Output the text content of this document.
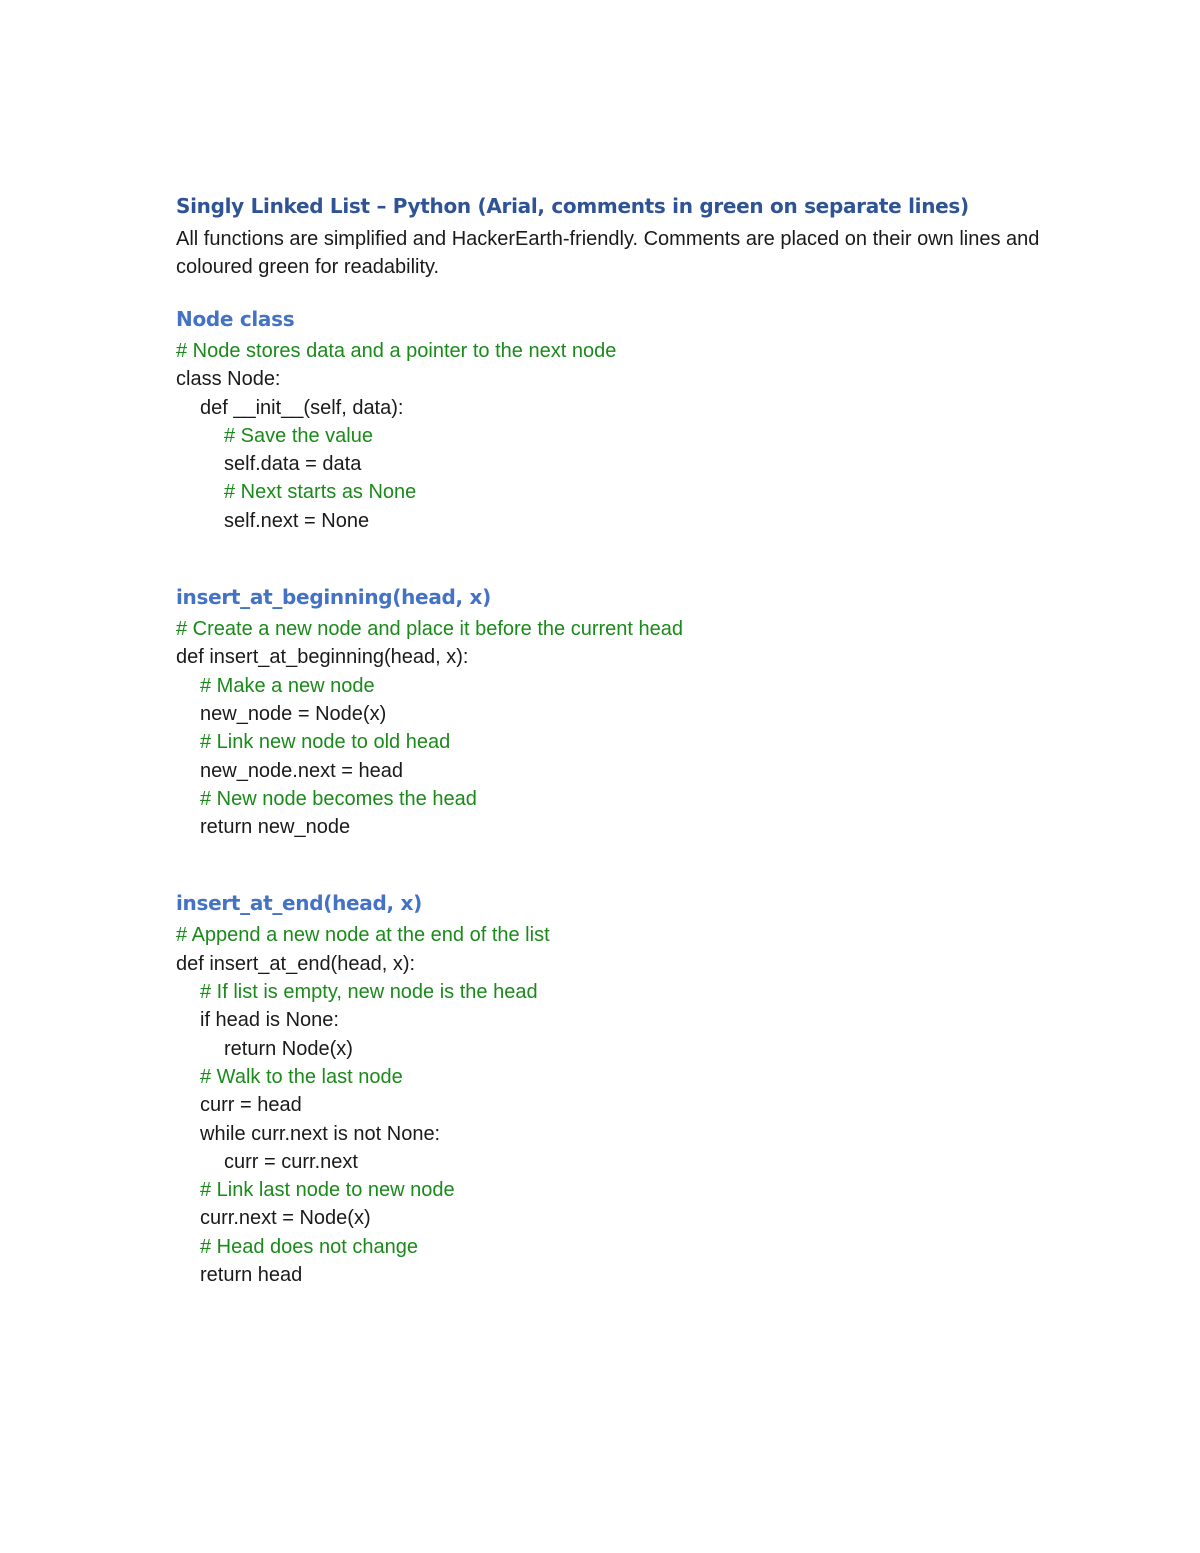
Singly Linked List – Python (Arial, comments in green on separate lines)

All functions are simplified and HackerEarth-friendly. Comments are placed on their own lines and coloured green for readability.

Node class
# Node stores data and a pointer to the next node
class Node:
def __init__(self, data):
# Save the value
self.data = data
# Next starts as None
self.next = None
insert_at_beginning(head, x)
# Create a new node and place it before the current head
def insert_at_beginning(head, x):
# Make a new node
new_node = Node(x)
# Link new node to old head
new_node.next = head
# New node becomes the head
return new_node
insert_at_end(head, x)
# Append a new node at the end of the list
def insert_at_end(head, x):
# If list is empty, new node is the head
if head is None:
return Node(x)
# Walk to the last node
curr = head
while curr.next is not None:
curr = curr.next
# Link last node to new node
curr.next = Node(x)
# Head does not change
return head
